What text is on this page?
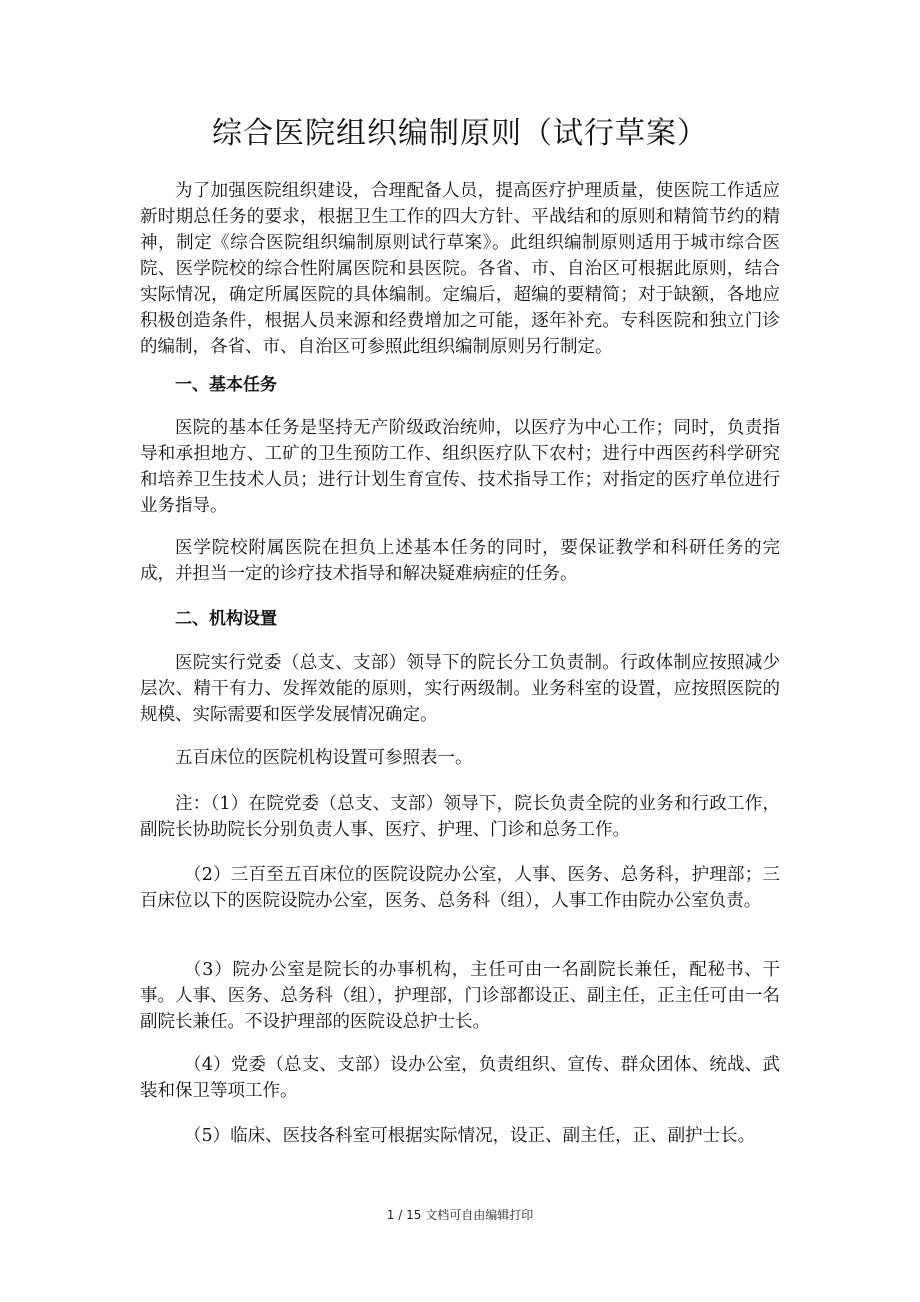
综合医院组织编制原则（试行草案）

为了加强医院组织建设，合理配备人员，提高医疗护理质量，使医院工作适应新时期总任务的要求，根据卫生工作的四大方针、平战结和的原则和精简节约的精神，制定《综合医院组织编制原则试行草案》。此组织编制原则适用于城市综合医院、医学院校的综合性附属医院和县医院。各省、市、自治区可根据此原则，结合实际情况，确定所属医院的具体编制。定编后，超编的要精简；对于缺额，各地应积极创造条件，根据人员来源和经费增加之可能，逐年补充。专科医院和独立门诊的编制，各省、市、自治区可参照此组织编制原则另行制定。

一、基本任务

医院的基本任务是坚持无产阶级政治统帅，以医疗为中心工作；同时，负责指导和承担地方、工矿的卫生预防工作、组织医疗队下农村；进行中西医药科学研究和培养卫生技术人员；进行计划生育宣传、技术指导工作；对指定的医疗单位进行业务指导。

医学院校附属医院在担负上述基本任务的同时，要保证教学和科研任务的完成，并担当一定的诊疗技术指导和解决疑难病症的任务。

二、机构设置

医院实行党委（总支、支部）领导下的院长分工负责制。行政体制应按照减少层次、精干有力、发挥效能的原则，实行两级制。业务科室的设置，应按照医院的规模、实际需要和医学发展情况确定。

五百床位的医院机构设置可参照表一。

注：（1）在院党委（总支、支部）领导下，院长负责全院的业务和行政工作，副院长协助院长分别负责人事、医疗、护理、门诊和总务工作。

（2）三百至五百床位的医院设院办公室，人事、医务、总务科，护理部；三百床位以下的医院设院办公室，医务、总务科（组），人事工作由院办公室负责。

（3）院办公室是院长的办事机构，主任可由一名副院长兼任，配秘书、干事。人事、医务、总务科（组），护理部，门诊部都设正、副主任，正主任可由一名副院长兼任。不设护理部的医院设总护士长。

（4）党委（总支、支部）设办公室，负责组织、宣传、群众团体、统战、武装和保卫等项工作。

（5）临床、医技各科室可根据实际情况，设正、副主任，正、副护士长。

1 / 15 文档可自由编辑打印
